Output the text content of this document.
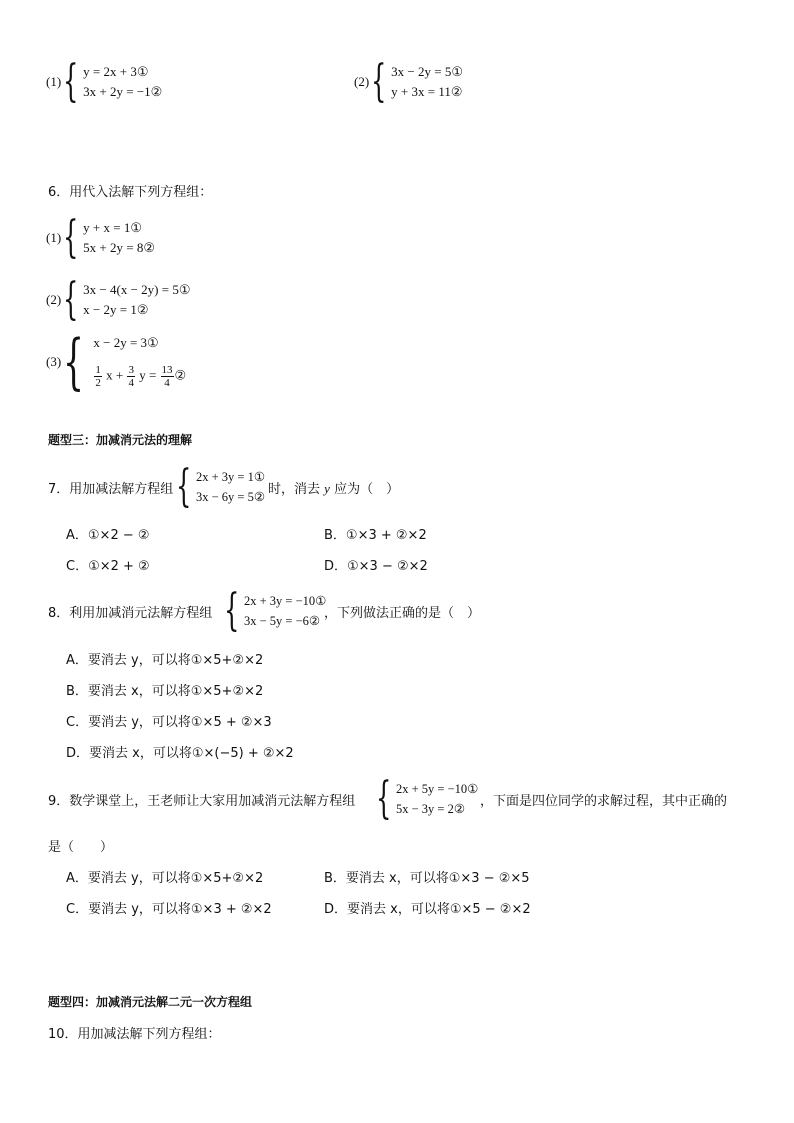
(1) { y = 2x + 3①
3x + 2y = −1②
(2) { 3x − 2y = 5①
y + 3x = 11②
6．用代入法解下列方程组：
(1) { y + x = 1①
5x + 2y = 8②
(2) { 3x − 4(x − 2y) = 5①
x − 2y = 1②
(3) { x − 2y = 3①
$\frac{1}{2}$ $x + \frac{3}{4}$ $y = \frac{13}{4}$ ②
题型三：加减消元法的理解
7．用加减法解方程组 { 2x + 3y = 1①
3x − 6y = 5② 时，消去 y 应为（　）
A．①×2 − ②	B．①×3 + ②×2
C．①×2 + ②	D．①×3 − ②×2
8．利用加减消元法解方程组 { 2x + 3y = −10①
3x − 5y = −6② ，下列做法正确的是（　）
A．要消去 y，可以将①×5+②×2
B．要消去 x，可以将①×5+②×2
C．要消去 y，可以将①×5 + ②×3
D．要消去 x，可以将①×(−5) + ②×2
9．数学课堂上，王老师让大家用加减消元法解方程组 { 2x + 5y = −10①
5x − 3y = 2②	，下面是四位同学的求解过程，其中正确的
是（　　）
A．要消去 y，可以将①×5+②×2	B．要消去 x，可以将①×3 − ②×5
C．要消去 y，可以将①×3 + ②×2	D．要消去 x，可以将①×5 − ②×2
题型四：加减消元法解二元一次方程组
10．用加减法解下列方程组：
